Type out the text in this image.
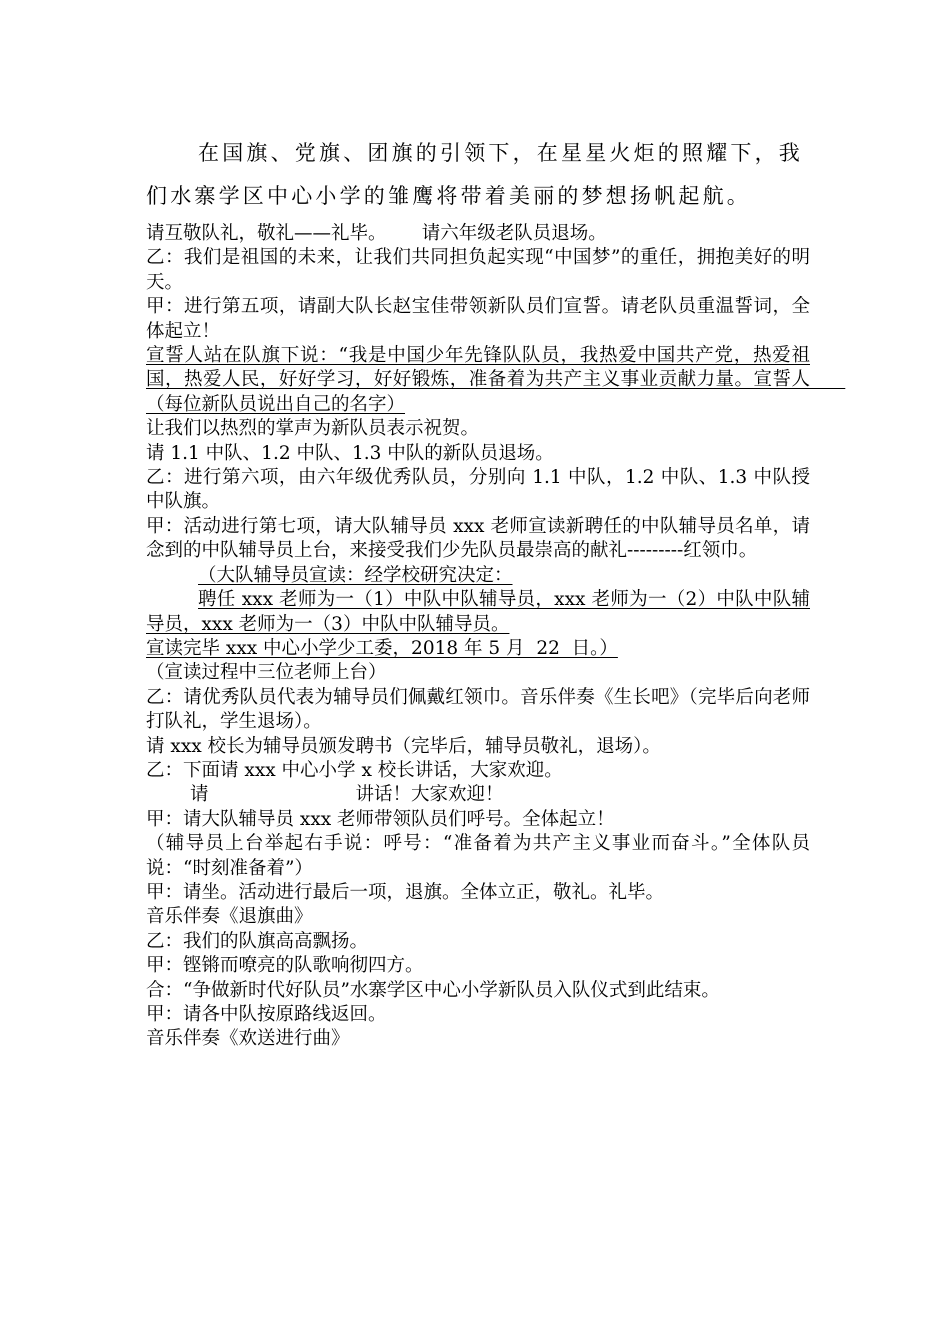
在国旗、党旗、团旗的引领下，在星星火炬的照耀下，我们水寨学区中心小学的雏鹰将带着美丽的梦想扬帆起航。

请互敬队礼，敬礼——礼毕。      请六年级老队员退场。

乙：我们是祖国的未来，让我们共同担负起实现“中国梦”的重任，拥抱美好的明天。

甲：进行第五项，请副大队长赵宝佳带领新队员们宣誓。请老队员重温誓词，全体起立！

宣誓人站在队旗下说：“我是中国少年先锋队队员，我热爱中国共产党，热爱祖国，热爱人民，好好学习，好好锻炼，准备着为共产主义事业贡献力量。宣誓人      （每位新队员说出自己的名字）

让我们以热烈的掌声为新队员表示祝贺。

请 1.1 中队、1.2 中队、1.3 中队的新队员退场。

乙：进行第六项，由六年级优秀队员，分别向 1.1 中队，1.2 中队、1.3 中队授中队旗。

甲：活动进行第七项，请大队辅导员 xxx 老师宣读新聘任的中队辅导员名单，请念到的中队辅导员上台，来接受我们少先队员最崇高的献礼---------红领巾。

（大队辅导员宣读：经学校研究决定：

聘任 xxx 老师为一（1）中队中队辅导员，xxx 老师为一（2）中队中队辅导员，xxx 老师为一（3）中队中队辅导员。

宣读完毕 xxx 中心小学少工委，2018 年 5 月  22  日。）

（宣读过程中三位老师上台）

乙：请优秀队员代表为辅导员们佩戴红领巾。音乐伴奏《生长吧》（完毕后向老师打队礼，学生退场）。

请 xxx 校长为辅导员颁发聘书（完毕后，辅导员敬礼，退场）。

乙：下面请 xxx 中心小学 x 校长讲话，大家欢迎。

请                         讲话！大家欢迎！

甲：请大队辅导员 xxx 老师带领队员们呼号。全体起立！

（辅导员上台举起右手说：呼号：“准备着为共产主义事业而奋斗。”全体队员说：“时刻准备着”）

甲：请坐。活动进行最后一项，退旗。全体立正，敬礼。礼毕。

音乐伴奏《退旗曲》

乙：我们的队旗高高飘扬。

甲：铿锵而嘹亮的队歌响彻四方。

合：“争做新时代好队员”水寨学区中心小学新队员入队仪式到此结束。

甲：请各中队按原路线返回。

音乐伴奏《欢送进行曲》
